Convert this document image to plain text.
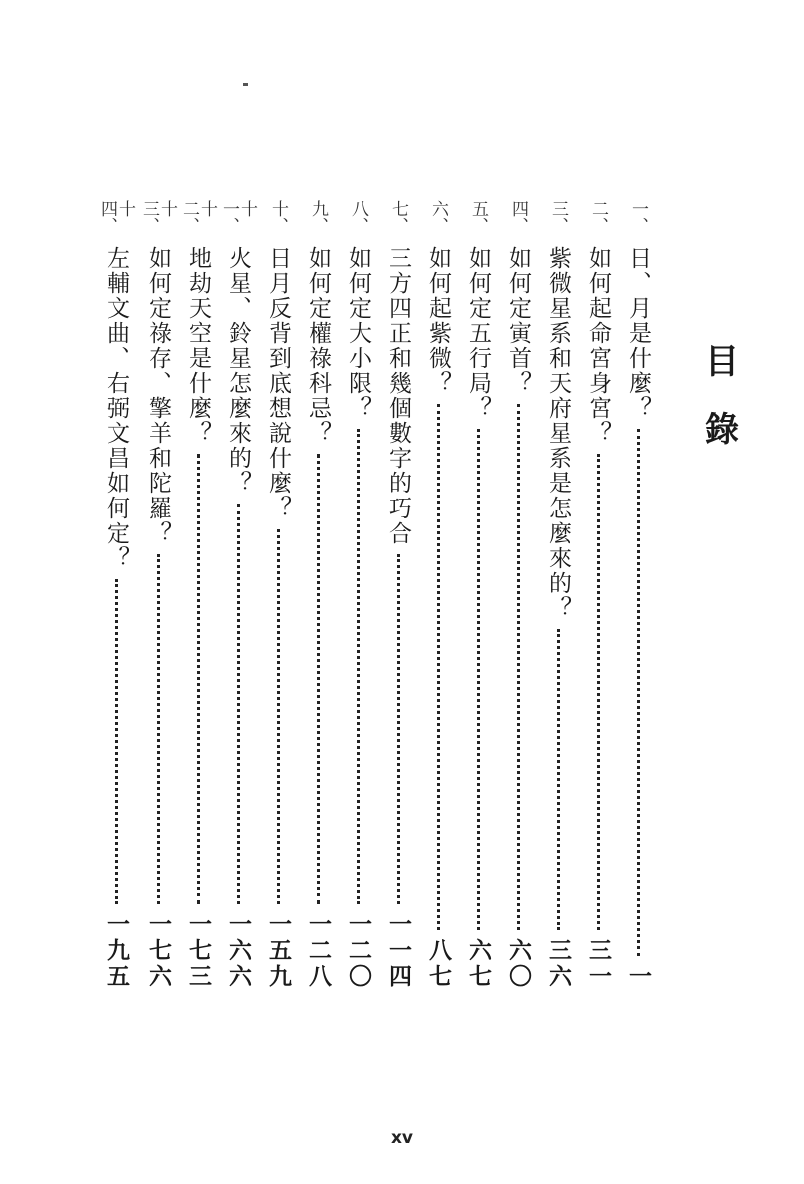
目
錄
一、
日、月是什麼？
一
二、
如何起命宮身宮？
三一
三、
紫微星系和天府星系是怎麼來的？
三六
四、
如何定寅首？
六〇
五、
如何定五行局？
六七
六、
如何起紫微？
八七
七、
三方四正和幾個數字的巧合
一一四
八、
如何定大小限？
一二〇
九、
如何定權祿科忌？
一二八
十、
日月反背到底想說什麼？
一五九
十一、
火星、鈴星怎麼來的？
一六六
十二、
地劫天空是什麼？
一七三
十三、
如何定祿存、擎羊和陀羅？
一七六
十四、
左輔文曲、右弼文昌如何定？
一九五
xv
